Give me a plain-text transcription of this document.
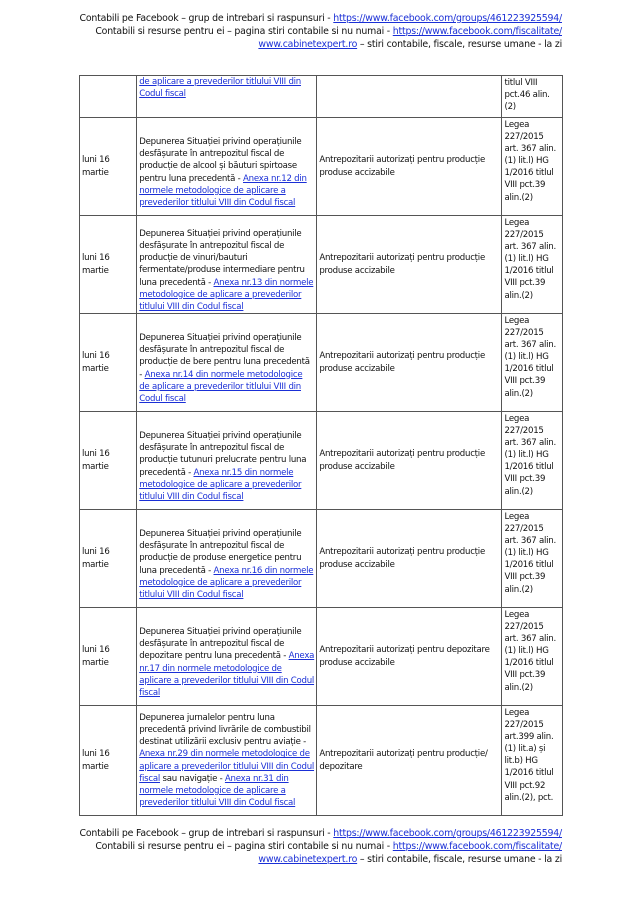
Contabili pe Facebook – grup de intrebari si raspunsuri - https://www.facebook.com/groups/461223925594/
Contabili si resurse pentru ei – pagina stiri contabile si nu numai - https://www.facebook.com/fiscalitate/
www.cabinetexpert.ro – stiri contabile, fiscale, resurse umane - la zi

	de aplicare a prevederilor titlului VIII din Codul fiscal		titlul VIII pct.46 alin.(2)
luni 16 martie	Depunerea Situației privind operațiunile desfășurate în antrepozitul fiscal de producție de alcool și băuturi spirtoase pentru luna precedentă - Anexa nr.12 din normele metodologice de aplicare a prevederilor titlului VIII din Codul fiscal	Antrepozitarii autorizați pentru producție produse accizabile	Legea 227/2015 art. 367 alin.(1) lit.l) HG 1/2016 titlul VIII pct.39 alin.(2)
luni 16 martie	Depunerea Situației privind operațiunile desfășurate în antrepozitul fiscal de producție de vinuri/bauturi fermentate/produse intermediare pentru luna precedentă - Anexa nr.13 din normele metodologice de aplicare a prevederilor titlului VIII din Codul fiscal	Antrepozitarii autorizați pentru producție produse accizabile	Legea 227/2015 art. 367 alin.(1) lit.l) HG 1/2016 titlul VIII pct.39 alin.(2)
luni 16 martie	Depunerea Situației privind operațiunile desfășurate în antrepozitul fiscal de producție de bere pentru luna precedentă - Anexa nr.14 din normele metodologice de aplicare a prevederilor titlului VIII din Codul fiscal	Antrepozitarii autorizați pentru producție produse accizabile	Legea 227/2015 art. 367 alin.(1) lit.l) HG 1/2016 titlul VIII pct.39 alin.(2)
luni 16 martie	Depunerea Situației privind operațiunile desfășurate în antrepozitul fiscal de producție tutunuri prelucrate pentru luna precedentă - Anexa nr.15 din normele metodologice de aplicare a prevederilor titlului VIII din Codul fiscal	Antrepozitarii autorizați pentru producție produse accizabile	Legea 227/2015 art. 367 alin.(1) lit.l) HG 1/2016 titlul VIII pct.39 alin.(2)
luni 16 martie	Depunerea Situației privind operațiunile desfășurate în antrepozitul fiscal de producție de produse energetice pentru luna precedentă - Anexa nr.16 din normele metodologice de aplicare a prevederilor titlului VIII din Codul fiscal	Antrepozitarii autorizați pentru producție produse accizabile	Legea 227/2015 art. 367 alin.(1) lit.l) HG 1/2016 titlul VIII pct.39 alin.(2)
luni 16 martie	Depunerea Situației privind operațiunile desfășurate în antrepozitul fiscal de depozitare pentru luna precedentă - Anexa nr.17 din normele metodologice de aplicare a prevederilor titlului VIII din Codul fiscal	Antrepozitarii autorizați pentru depozitare produse accizabile	Legea 227/2015 art. 367 alin.(1) lit.l) HG 1/2016 titlul VIII pct.39 alin.(2)
luni 16 martie	Depunerea jurnalelor pentru luna precedentă privind livrările de combustibil destinat utilizării exclusiv pentru aviație - Anexa nr.29 din normele metodologice de aplicare a prevederilor titlului VIII din Codul fiscal sau navigație - Anexa nr.31 din normele metodologice de aplicare a prevederilor titlului VIII din Codul fiscal	Antrepozitarii autorizați pentru producție/ depozitare	Legea 227/2015 art.399 alin.(1) lit.a) și lit.b) HG 1/2016 titlul VIII pct.92 alin.(2), pct.
Contabili pe Facebook – grup de intrebari si raspunsuri - https://www.facebook.com/groups/461223925594/
Contabili si resurse pentru ei – pagina stiri contabile si nu numai - https://www.facebook.com/fiscalitate/
www.cabinetexpert.ro – stiri contabile, fiscale, resurse umane - la zi
